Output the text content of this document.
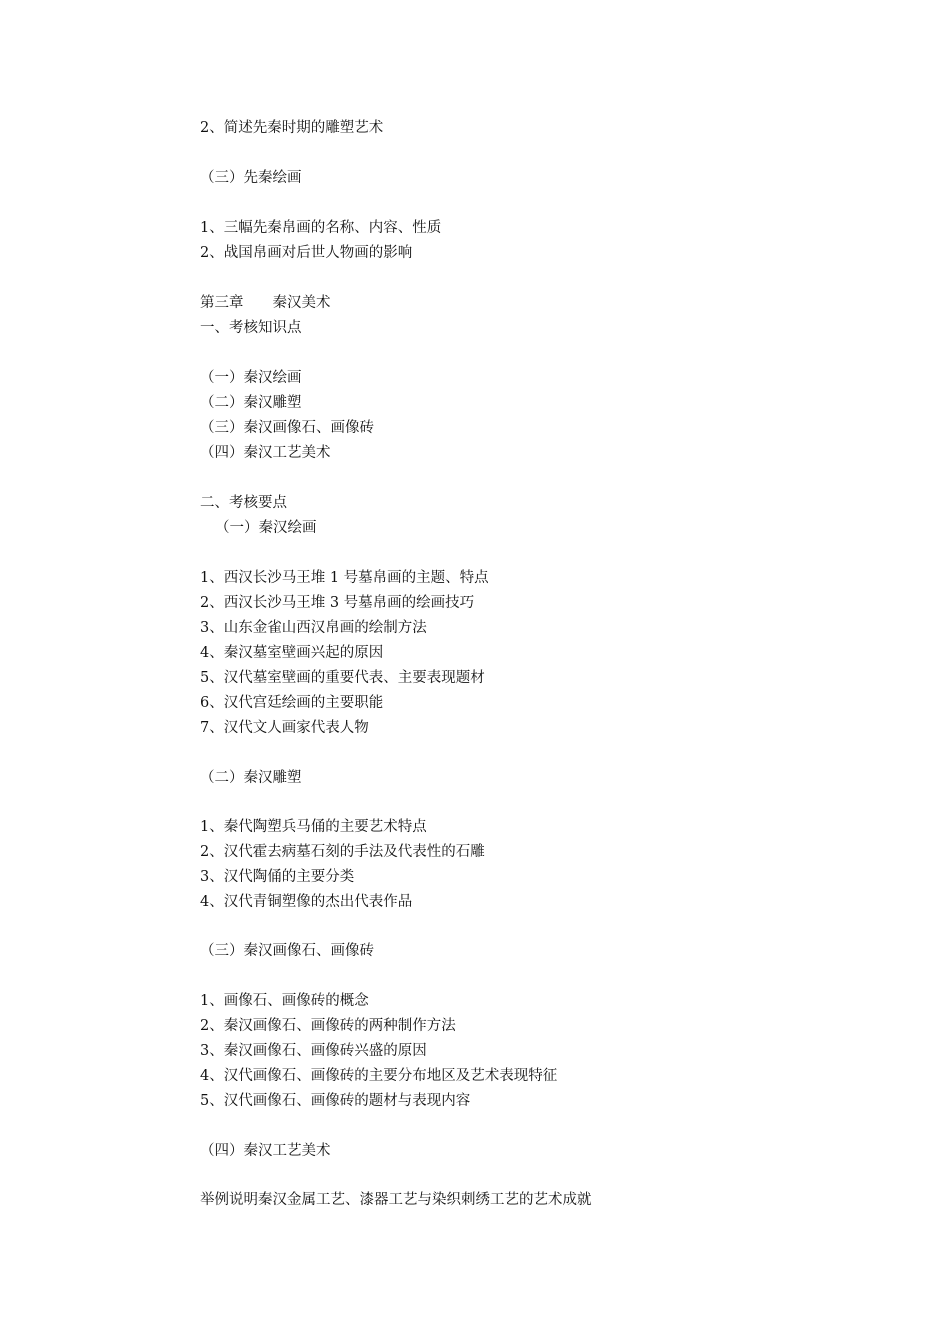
2、简述先秦时期的雕塑艺术
（三）先秦绘画
1、三幅先秦帛画的名称、内容、性质
2、战国帛画对后世人物画的影响
第三章　　秦汉美术
一、考核知识点
（一）秦汉绘画
（二）秦汉雕塑
（三）秦汉画像石、画像砖
（四）秦汉工艺美术
二、考核要点
（一）秦汉绘画
1、西汉长沙马王堆 1 号墓帛画的主题、特点
2、西汉长沙马王堆 3 号墓帛画的绘画技巧
3、山东金雀山西汉帛画的绘制方法
4、秦汉墓室壁画兴起的原因
5、汉代墓室壁画的重要代表、主要表现题材
6、汉代宫廷绘画的主要职能
7、汉代文人画家代表人物
（二）秦汉雕塑
1、秦代陶塑兵马俑的主要艺术特点
2、汉代霍去病墓石刻的手法及代表性的石雕
3、汉代陶俑的主要分类
4、汉代青铜塑像的杰出代表作品
（三）秦汉画像石、画像砖
1、画像石、画像砖的概念
2、秦汉画像石、画像砖的两种制作方法
3、秦汉画像石、画像砖兴盛的原因
4、汉代画像石、画像砖的主要分布地区及艺术表现特征
5、汉代画像石、画像砖的题材与表现内容
（四）秦汉工艺美术
举例说明秦汉金属工艺、漆器工艺与染织刺绣工艺的艺术成就
